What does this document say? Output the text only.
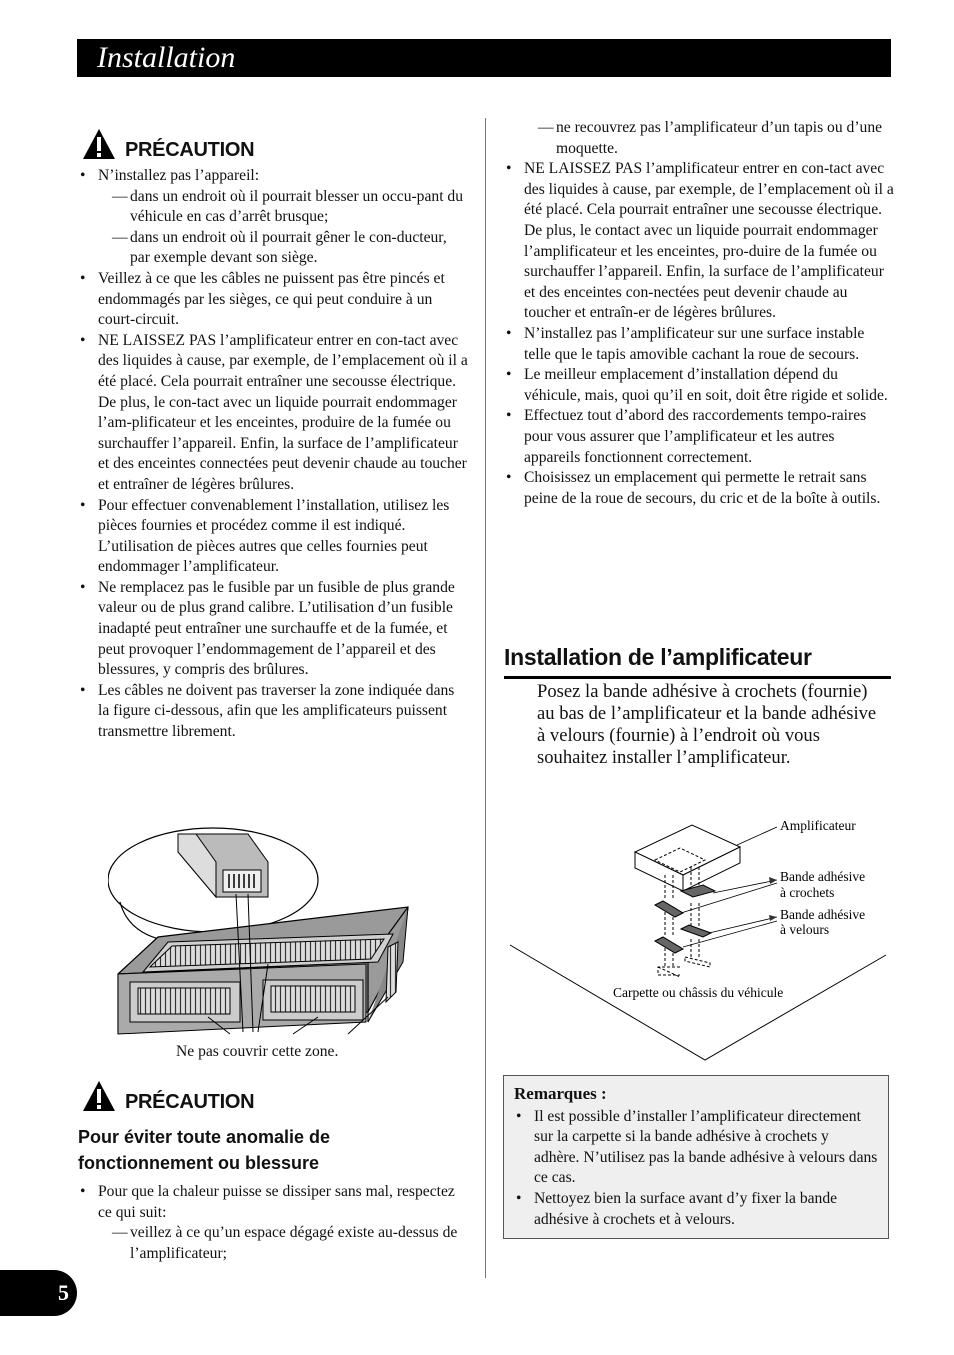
Installation
PRÉCAUTION
• N’installez pas l’appareil:
— dans un endroit où il pourrait blesser un occu-pant du véhicule en cas d’arrêt brusque;
— dans un endroit où il pourrait gêner le con-ducteur, par exemple devant son siège.
• Veillez à ce que les câbles ne puissent pas être pincés et endommagés par les sièges, ce qui peut conduire à un court-circuit.
• NE LAISSEZ PAS l’amplificateur entrer en con-tact avec des liquides à cause, par exemple, de l’emplacement où il a été placé. Cela pourrait entraîner une secousse électrique. De plus, le con-tact avec un liquide pourrait endommager l’am-plificateur et les enceintes, produire de la fumée ou surchauffer l’appareil. Enfin, la surface de l’amplificateur et des enceintes connectées peut devenir chaude au toucher et entraîner de légères brûlures.
• Pour effectuer convenablement l’installation, utilisez les pièces fournies et procédez comme il est indiqué. L’utilisation de pièces autres que celles fournies peut endommager l’amplificateur.
• Ne remplacez pas le fusible par un fusible de plus grande valeur ou de plus grand calibre. L’utilisation d’un fusible inadapté peut entraîner une surchauffe et de la fumée, et peut provoquer l’endommagement de l’appareil et des blessures, y compris des brûlures.
• Les câbles ne doivent pas traverser la zone indiquée dans la figure ci-dessous, afin que les amplificateurs puissent transmettre librement.
Ne pas couvrir cette zone.
PRÉCAUTION
Pour éviter toute anomalie de
fonctionnement ou blessure
• Pour que la chaleur puisse se dissiper sans mal, respectez ce qui suit:
— veillez à ce qu’un espace dégagé existe au-dessus de l’amplificateur;
— ne recouvrez pas l’amplificateur d’un tapis ou d’une moquette.
• NE LAISSEZ PAS l’amplificateur entrer en con-tact avec des liquides à cause, par exemple, de l’emplacement où il a été placé. Cela pourrait entraîner une secousse électrique.
De plus, le contact avec un liquide pourrait endommager l’amplificateur et les enceintes, pro-duire de la fumée ou surchauffer l’appareil. Enfin, la surface de l’amplificateur et des enceintes con-nectées peut devenir chaude au toucher et entraîn-er de légères brûlures.
• N’installez pas l’amplificateur sur une surface instable telle que le tapis amovible cachant la roue de secours.
• Le meilleur emplacement d’installation dépend du véhicule, mais, quoi qu’il en soit, doit être rigide et solide.
• Effectuez tout d’abord des raccordements tempo-raires pour vous assurer que l’amplificateur et les autres appareils fonctionnent correctement.
• Choisissez un emplacement qui permette le retrait sans peine de la roue de secours, du cric et de la boîte à outils.
Installation de l’amplificateur
Posez la bande adhésive à crochets (fournie) au bas de l’amplificateur et la bande adhésive à velours (fournie) à l’endroit où vous souhaitez installer l’amplificateur.
Amplificateur
Bande adhésive
à crochets
Bande adhésive
à velours
Carpette ou châssis du véhicule
Remarques :
• Il est possible d’installer l’amplificateur directement sur la carpette si la bande adhésive à crochets y adhère. N’utilisez pas la bande adhésive à velours dans ce cas.
• Nettoyez bien la surface avant d’y fixer la bande adhésive à crochets et à velours.
5
